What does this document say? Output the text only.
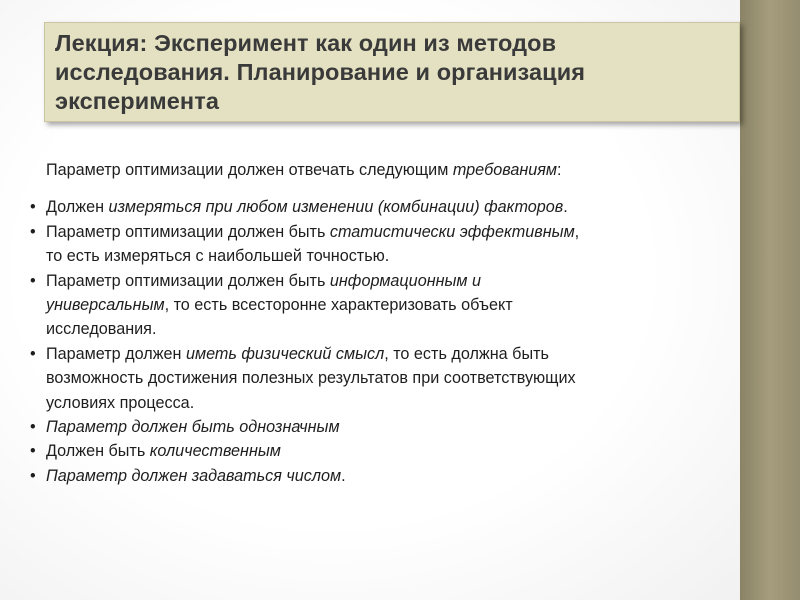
Лекция: Эксперимент как один из методов исследования. Планирование и организация эксперимента

Параметр оптимизации должен отвечать следующим требованиям:

• Должен измеряться при любом изменении (комбинации) факторов.
• Параметр оптимизации должен быть статистически эффективным,
то есть измеряться с наибольшей точностью.
• Параметр оптимизации должен быть информационным и
универсальным, то есть всесторонне характеризовать объект
исследования.
• Параметр должен иметь физический смысл, то есть должна быть
возможность достижения полезных результатов при соответствующих
условиях процесса.
• Параметр должен быть однозначным
• Должен быть количественным
• Параметр должен задаваться числом.
